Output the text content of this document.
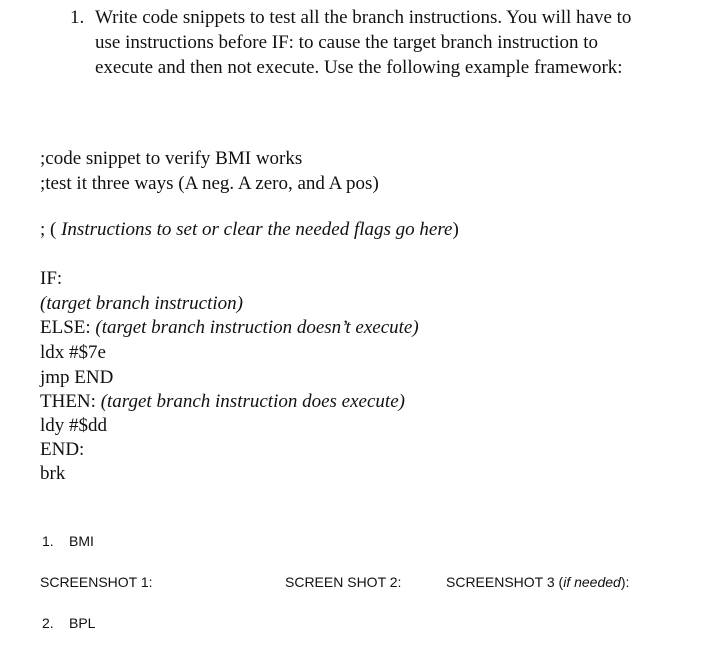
1. Write code snippets to test all the branch instructions. You will have to
use instructions before IF: to cause the target branch instruction to
execute and then not execute. Use the following example framework:
;code snippet to verify BMI works
;test it three ways (A neg. A zero, and A pos)
; ( Instructions to set or clear the needed flags go here)
IF:
(target branch instruction)
ELSE: (target branch instruction doesn’t execute)
ldx #$7e
jmp END
THEN: (target branch instruction does execute)
ldy #$dd
END:
brk
1. BMI
SCREENSHOT 1:	SCREEN SHOT 2:	SCREENSHOT 3 (if needed):
2. BPL
